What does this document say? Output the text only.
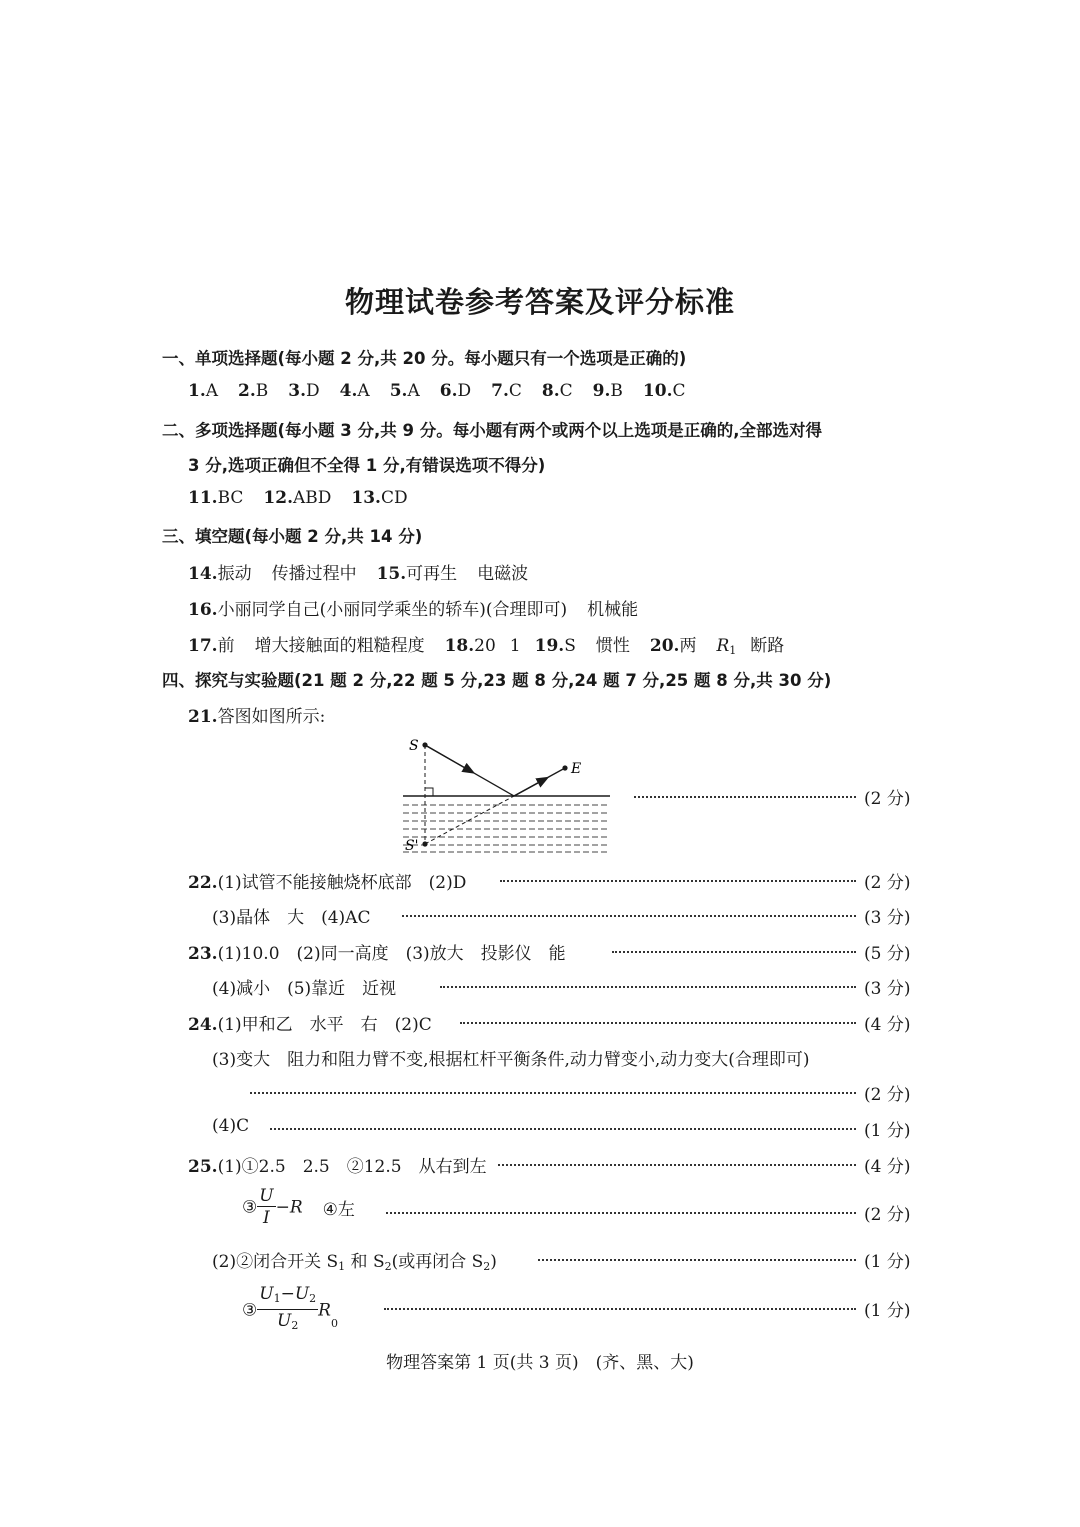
物理试卷参考答案及评分标准
一、单项选择题(每小题 2 分,共 20 分。每小题只有一个选项是正确的)
1.A 2.B 3.D 4.A 5.A 6.D 7.C 8.C 9.B 10.C
二、多项选择题(每小题 3 分,共 9 分。每小题有两个或两个以上选项是正确的,全部选对得
3 分,选项正确但不全得 1 分,有错误选项不得分)
11.BC 12.ABD 13.CD
三、填空题(每小题 2 分,共 14 分)
14.振动 传播过程中 15.可再生 电磁波
16.小丽同学自己(小丽同学乘坐的轿车)(合理即可) 机械能
17.前 增大接触面的粗糙程度 18.20 1 19.S 惯性 20.两 $R_1$ 断路
四、探究与实验题(21 题 2 分,22 题 5 分,23 题 8 分,24 题 7 分,25 题 8 分,共 30 分)
21.答图如图所示:
S
E
S'
(2 分)
22.(1)试管不能接触烧杯底部　(2)D	(2 分)
(3)晶体　大　(4)AC	(3 分)
23.(1)10.0　(2)同一高度　(3)放大　投影仪　能	(5 分)
(4)减小　(5)靠近　近视	(3 分)
24.(1)甲和乙　水平　右　(2)C	(4 分)
(3)变大　阻力和阻力臂不变,根据杠杆平衡条件,动力臂变小,动力变大(合理即可)
(2 分)
(4)C	(1 分)
25.(1)①2.5　2.5　②12.5　从右到左	(4 分)
③ $\frac{U}{I} -R$ ④左	(2 分)
(2)②闭合开关 $S_1$ 和 $S_2$(或再闭合 $S_2$)	(1 分)
③ $\frac{U_1-U_2}{U_2} R_0$
(1 分)
物理答案第 1 页(共 3 页)　(齐、黑、大)
